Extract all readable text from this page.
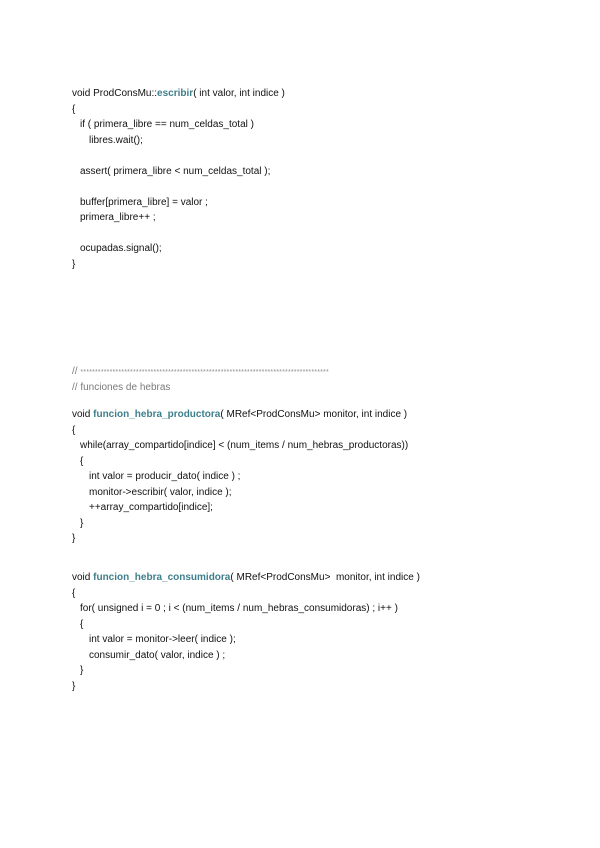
void ProdConsMu::escribir( int valor, int indice )
{
if ( primera_libre == num_celdas_total )
libres.wait();
assert( primera_libre < num_celdas_total );
buffer[primera_libre] = valor ;
primera_libre++ ;
ocupadas.signal();
}
// *************************************************************************************
// funciones de hebras
void funcion_hebra_productora( MRef<ProdConsMu> monitor, int indice )
{
while(array_compartido[indice] < (num_items / num_hebras_productoras))
{
int valor = producir_dato( indice ) ;
monitor->escribir( valor, indice );
++array_compartido[indice];
}
}
void funcion_hebra_consumidora( MRef<ProdConsMu>  monitor, int indice )
{
for( unsigned i = 0 ; i < (num_items / num_hebras_consumidoras) ; i++ )
{
int valor = monitor->leer( indice );
consumir_dato( valor, indice ) ;
}
}
